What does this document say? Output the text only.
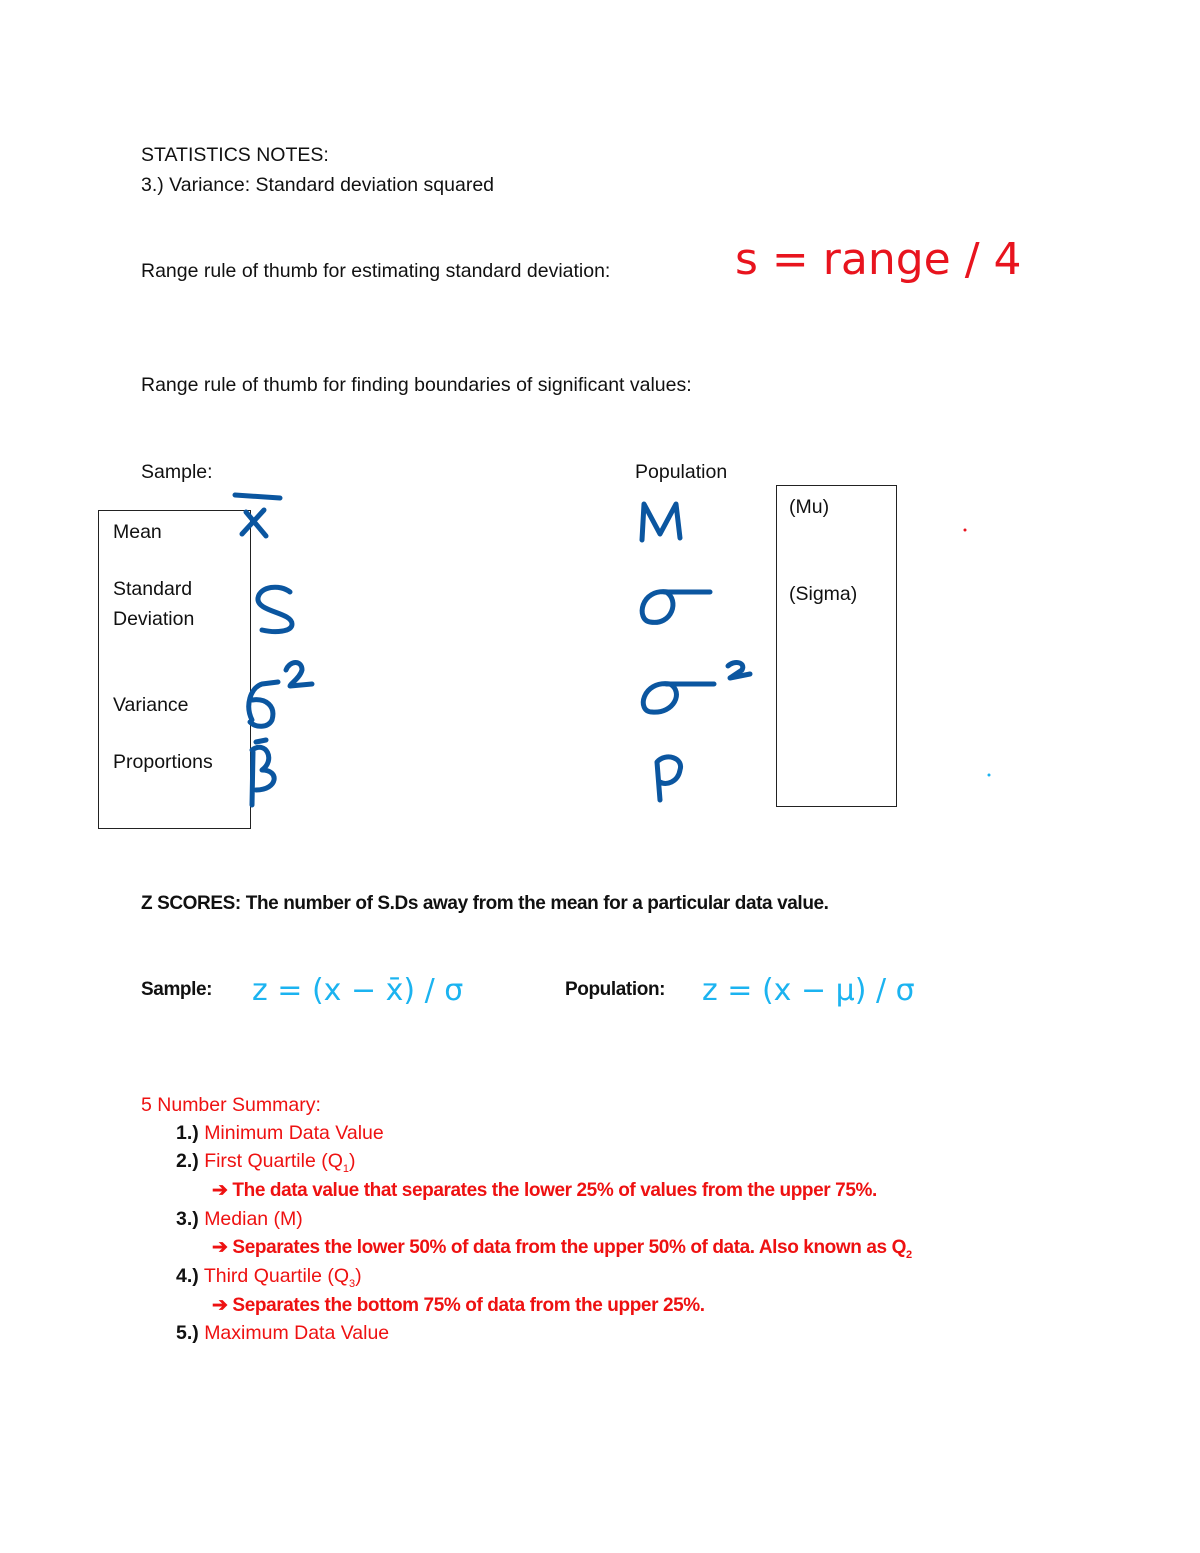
STATISTICS NOTES:
3.) Variance: Standard deviation squared
Range rule of thumb for estimating standard deviation:
Range rule of thumb for finding boundaries of significant values:
s = range / 4
Sample:
Mean
Standard
Deviation
Variance
Proportions
Population
(Mu)
(Sigma)
Z SCORES: The number of S.Ds away from the mean for a particular data value.
Sample:	Population:
z = (x − x̄) / σ	z = (x − μ) / σ
5 Number Summary:
1.) Minimum Data Value
2.) First Quartile $(Q_1)$
➔ The data value that separates the lower 25% of values from the upper 75%.
3.) Median (M)
➔ Separates the lower 50% of data from the upper 50% of data. Also known as $Q_2$
4.) Third Quartile $(Q_3)$
➔ Separates the bottom 75% of data from the upper 25%.
5.) Maximum Data Value
